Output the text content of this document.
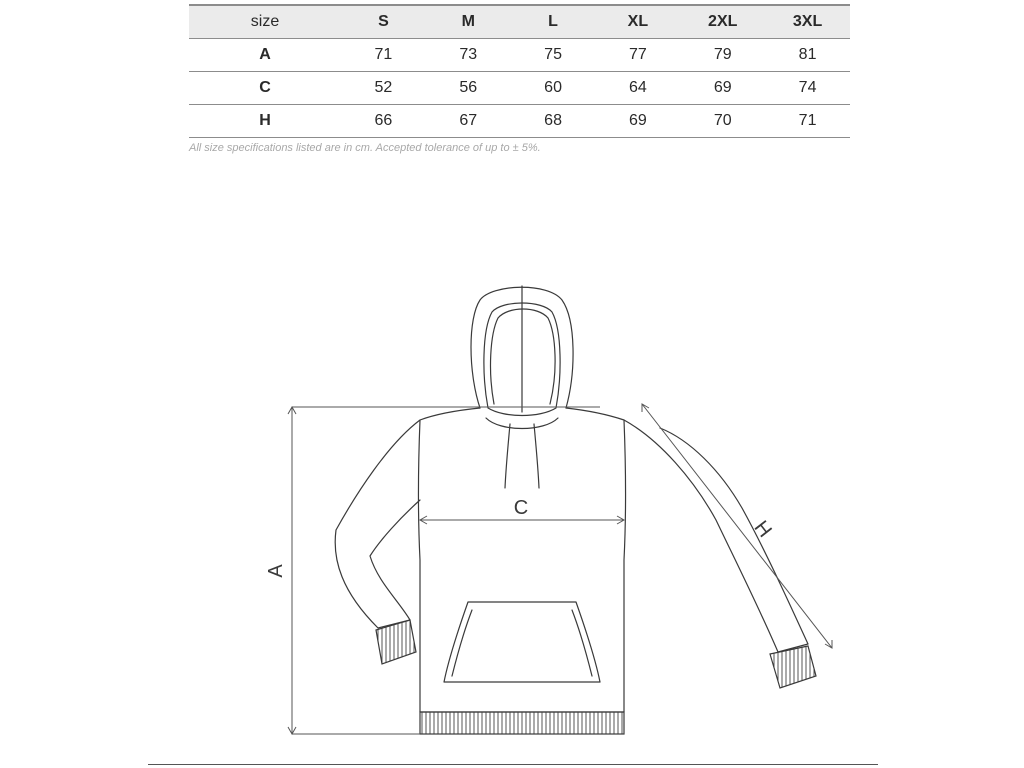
size	S	M	L	XL	2XL	3XL
A	71	73	75	77	79	81
C	52	56	60	64	69	74
H	66	67	68	69	70	71
All size specifications listed are in cm. Accepted tolerance of up to ± 5%.
A
C
H
